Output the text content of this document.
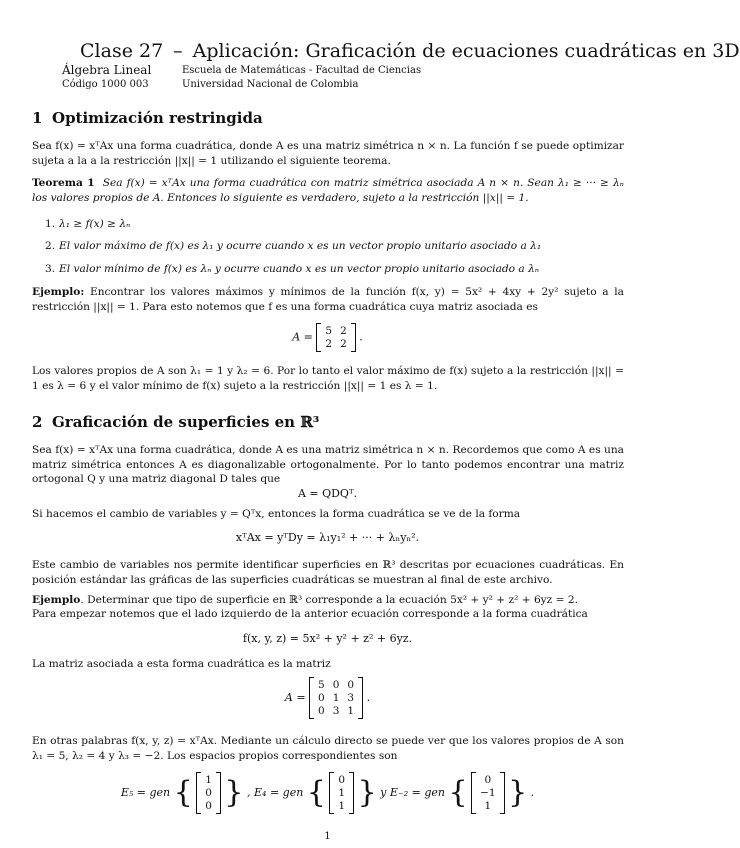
Clase 27 – Aplicación: Graficación de ecuaciones cuadráticas en 3D
Álgebra Lineal
Código 1000 003
Escuela de Matemáticas - Facultad de Ciencias
Universidad Nacional de Colombia
1 Optimización restringida
Sea f(x) = xᵀAx una forma cuadrática, donde A es una matriz simétrica n × n. La función f se puede optimizar sujeta a la a la restricción ||x|| = 1 utilizando el siguiente teorema.
Teorema 1 Sea f(x) = xᵀAx una forma cuadrática con matriz simétrica asociada A n × n. Sean λ₁ ≥ ··· ≥ λₙ los valores propios de A. Entonces lo siguiente es verdadero, sujeto a la restricción ||x|| = 1.
1. λ₁ ≥ f(x) ≥ λₙ
2. El valor máximo de f(x) es λ₁ y ocurre cuando x es un vector propio unitario asociado a λ₁
3. El valor mínimo de f(x) es λₙ y ocurre cuando x es un vector propio unitario asociado a λₙ
Ejemplo: Encontrar los valores máximos y mínimos de la función f(x, y) = 5x² + 4xy + 2y² sujeto a la restricción ||x|| = 1. Para esto notemos que f es una forma cuadrática cuya matriz asociada es
A = 5 2
2 2
.
Los valores propios de A son λ₁ = 1 y λ₂ = 6. Por lo tanto el valor máximo de f(x) sujeto a la restricción ||x|| = 1 es λ = 6 y el valor mínimo de f(x) sujeto a la restricción ||x|| = 1 es λ = 1.
2 Graficación de superficies en ℝ³
Sea f(x) = xᵀAx una forma cuadrática, donde A es una matriz simétrica n × n. Recordemos que como A es una matriz simétrica entonces A es diagonalizable ortogonalmente. Por lo tanto podemos encontrar una matriz ortogonal Q y una matriz diagonal D tales que
A = QDQᵀ.
Si hacemos el cambio de variables y = Qᵀx, entonces la forma cuadrática se ve de la forma
xᵀAx = yᵀDy = λ₁y₁² + ··· + λₙyₙ².
Este cambio de variables nos permite identificar superficies en ℝ³ descritas por ecuaciones cuadráticas. En posición estándar las gráficas de las superficies cuadráticas se muestran al final de este archivo.
Ejemplo. Determinar que tipo de superficie en ℝ³ corresponde a la ecuación 5x² + y² + z² + 6yz = 2.
Para empezar notemos que el lado izquierdo de la anterior ecuación corresponde a la forma cuadrática
f(x, y, z) = 5x² + y² + z² + 6yz.
La matriz asociada a esta forma cuadrática es la matriz
A =
5 0 0
0 1 3
0 3 1
.
En otras palabras f(x, y, z) = xᵀAx. Mediante un cálculo directo se puede ver que los valores propios de A son λ₁ = 5, λ₂ = 4 y λ₃ = −2. Los espacios propios correspondientes son
E₅ = gen { 1
0
0 } , E₄ = gen { 0
1
1 } y E₋₂ = gen {	0
−1
1 } .
1
